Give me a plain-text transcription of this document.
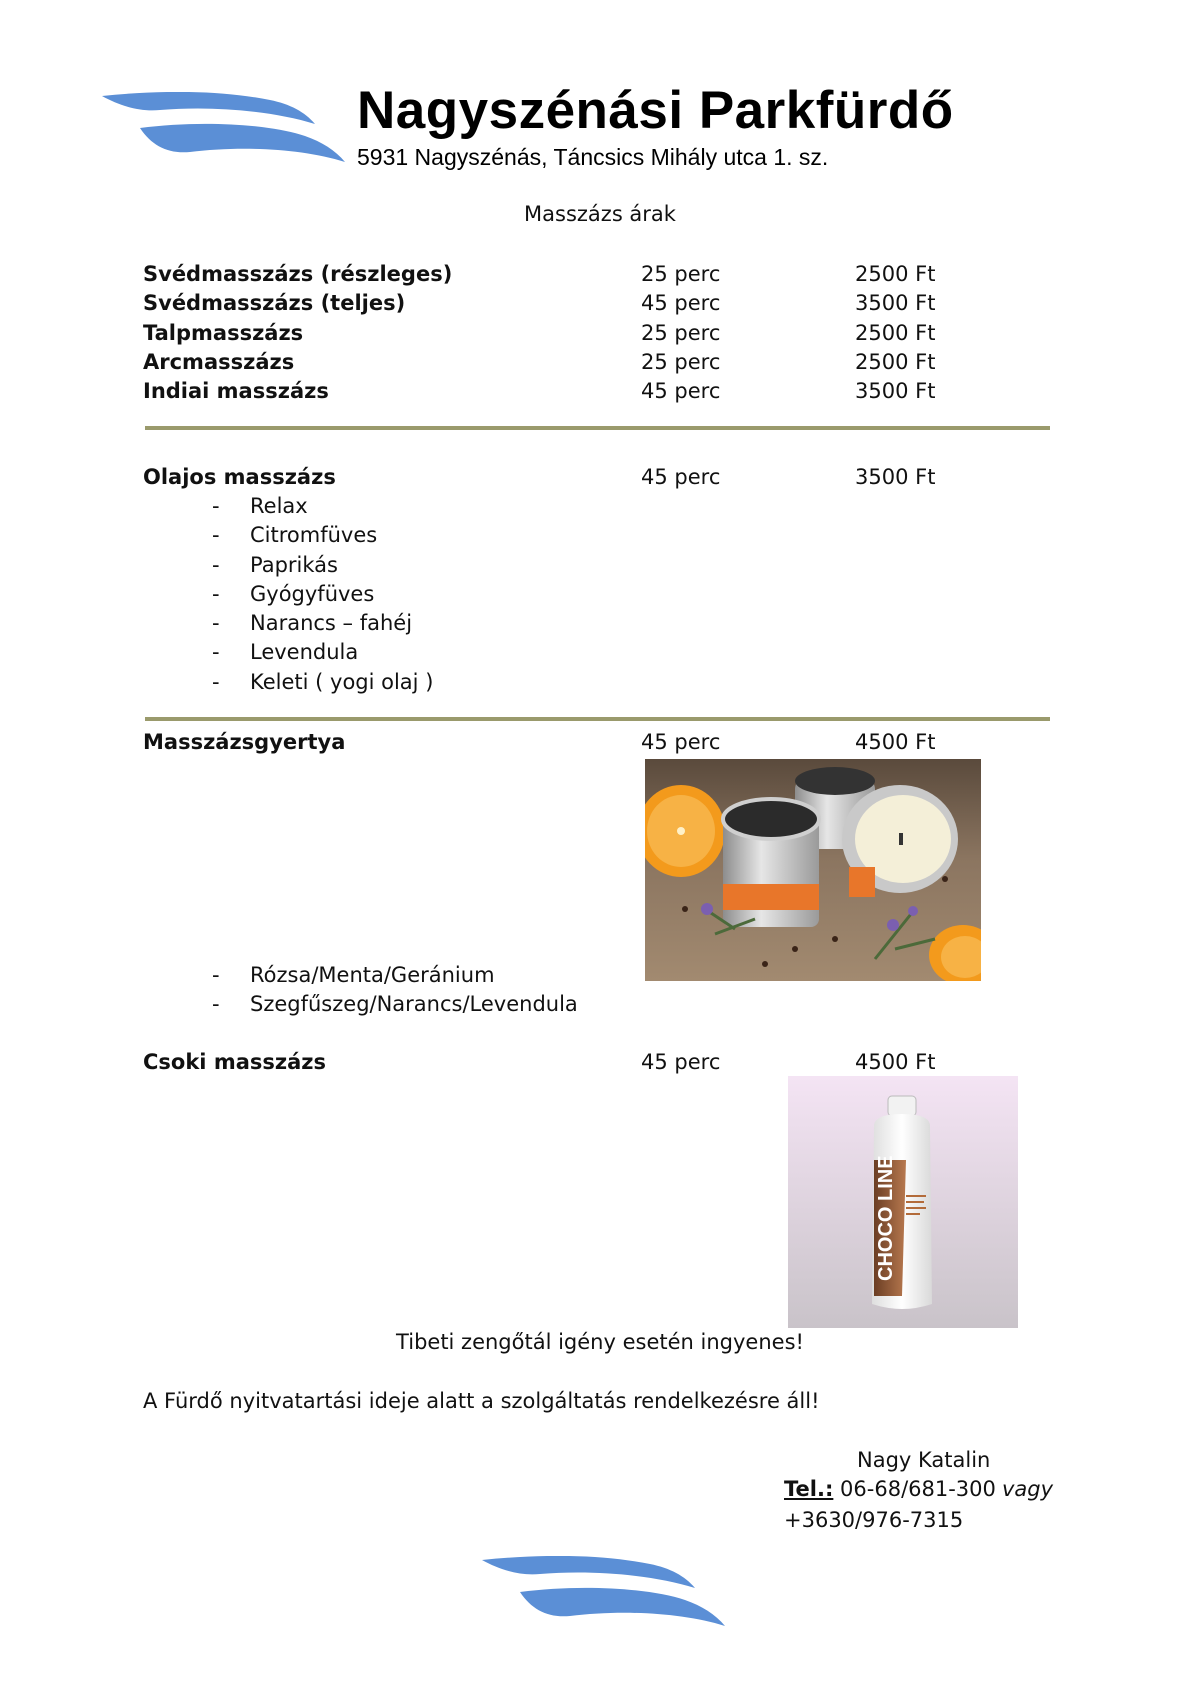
Nagyszénási Parkfürdő
5931 Nagyszénás, Táncsics Mihály utca 1. sz.
Masszázs árak
Svédmasszázs (részleges)	25 perc	2500 Ft
Svédmasszázs (teljes)	45 perc	3500 Ft
Talpmasszázs	25 perc	2500 Ft
Arcmasszázs	25 perc	2500 Ft
Indiai masszázs	45 perc	3500 Ft
Olajos masszázs	45 perc	3500 Ft
- Relax
- Citromfüves
- Paprikás
- Gyógyfüves
- Narancs – fahéj
- Levendula
- Keleti ( yogi olaj )
Masszázsgyertya	45 perc	4500 Ft
- Rózsa/Menta/Geránium
- Szegfűszeg/Narancs/Levendula
Csoki masszázs	45 perc	4500 Ft
CHOCO LINE
Tibeti zengőtál igény esetén ingyenes!
A Fürdő nyitvatartási ideje alatt a szolgáltatás rendelkezésre áll!
Nagy Katalin
Tel.: 06-68/681-300 vagy
+3630/976-7315
